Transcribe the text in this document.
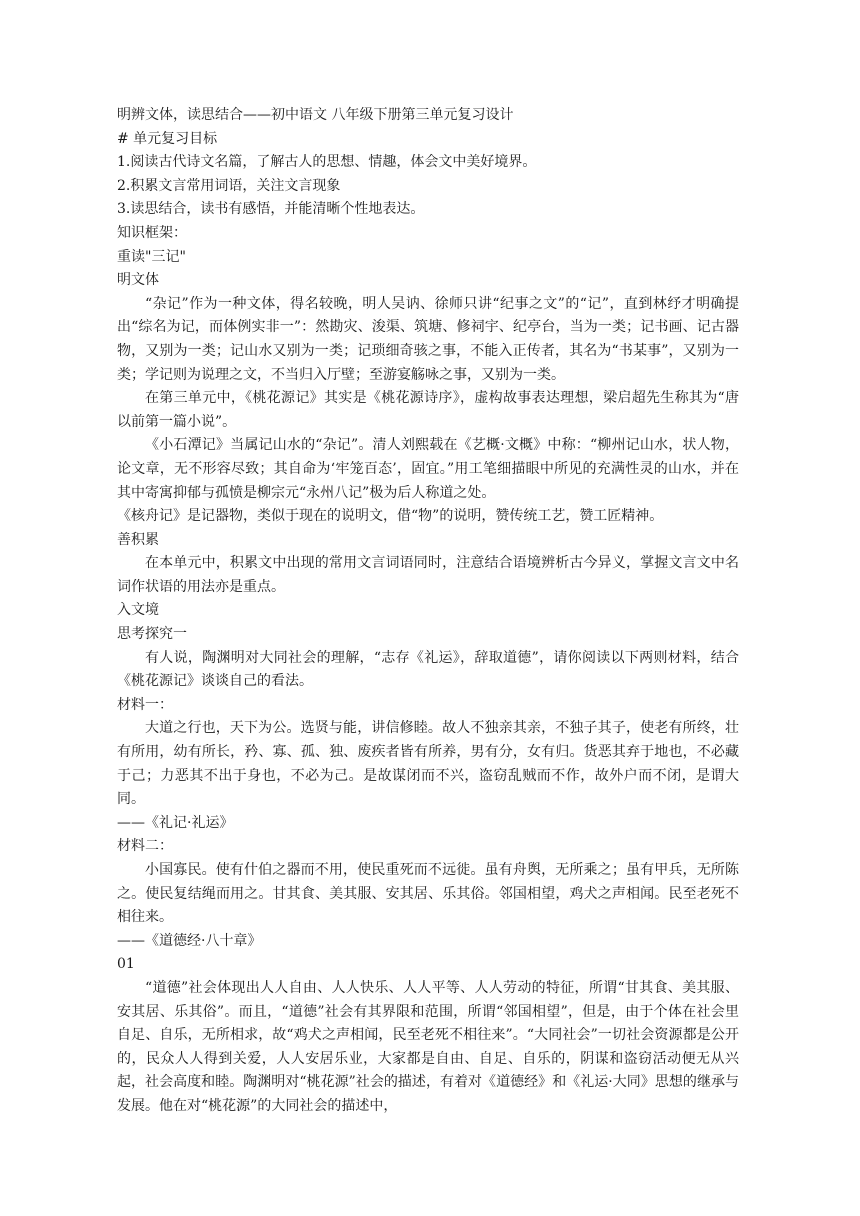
明辨文体，读思结合——初中语文 八年级下册第三单元复习设计

# 单元复习目标

1.阅读古代诗文名篇，了解古人的思想、情趣，体会文中美好境界。

2.积累文言常用词语，关注文言现象

3.读思结合，读书有感悟，并能清晰个性地表达。

知识框架：

重读"三记"

明文体

“杂记”作为一种文体，得名较晚，明人吴讷、徐师只讲“纪事之文”的“记”，直到林纾才明确提出“综名为记，而体例实非一”：然勘灾、浚渠、筑塘、修祠宇、纪亭台，当为一类；记书画、记古器物，又别为一类；记山水又别为一类；记琐细奇骇之事，不能入正传者，其名为“书某事”，又别为一类；学记则为说理之文，不当归入厅壁；至游宴觞咏之事，又别为一类。

在第三单元中，《桃花源记》其实是《桃花源诗序》，虚构故事表达理想，梁启超先生称其为“唐以前第一篇小说”。

《小石潭记》当属记山水的“杂记”。清人刘熙载在《艺概·文概》中称：“柳州记山水，状人物，论文章，无不形容尽致；其自命为‘牢笼百态’，固宜。”用工笔细描眼中所见的充满性灵的山水，并在其中寄寓抑郁与孤愤是柳宗元“永州八记”极为后人称道之处。

《核舟记》是记器物，类似于现在的说明文，借“物”的说明，赞传统工艺，赞工匠精神。

善积累

在本单元中，积累文中出现的常用文言词语同时，注意结合语境辨析古今异义，掌握文言文中名词作状语的用法亦是重点。

入文境

思考探究一

有人说，陶渊明对大同社会的理解，“志存《礼运》，辞取道德”，请你阅读以下两则材料，结合《桃花源记》谈谈自己的看法。

材料一：

大道之行也，天下为公。选贤与能，讲信修睦。故人不独亲其亲，不独子其子，使老有所终，壮有所用，幼有所长，矜、寡、孤、独、废疾者皆有所养，男有分，女有归。货恶其弃于地也，不必藏于己；力恶其不出于身也，不必为己。是故谋闭而不兴，盗窃乱贼而不作，故外户而不闭，是谓大同。

——《礼记·礼运》

材料二：

小国寡民。使有什伯之器而不用，使民重死而不远徙。虽有舟舆，无所乘之；虽有甲兵，无所陈之。使民复结绳而用之。甘其食、美其服、安其居、乐其俗。邻国相望，鸡犬之声相闻。民至老死不相往来。

——《道德经·八十章》

01

“道德”社会体现出人人自由、人人快乐、人人平等、人人劳动的特征，所谓“甘其食、美其服、安其居、乐其俗”。而且，“道德”社会有其界限和范围，所谓“邻国相望”，但是，由于个体在社会里自足、自乐，无所相求，故“鸡犬之声相闻，民至老死不相往来”。“大同社会”一切社会资源都是公开的，民众人人得到关爱，人人安居乐业，大家都是自由、自足、自乐的，阴谋和盗窃活动便无从兴起，社会高度和睦。陶渊明对“桃花源”社会的描述，有着对《道德经》和《礼运·大同》思想的继承与发展。他在对“桃花源”的大同社会的描述中，
